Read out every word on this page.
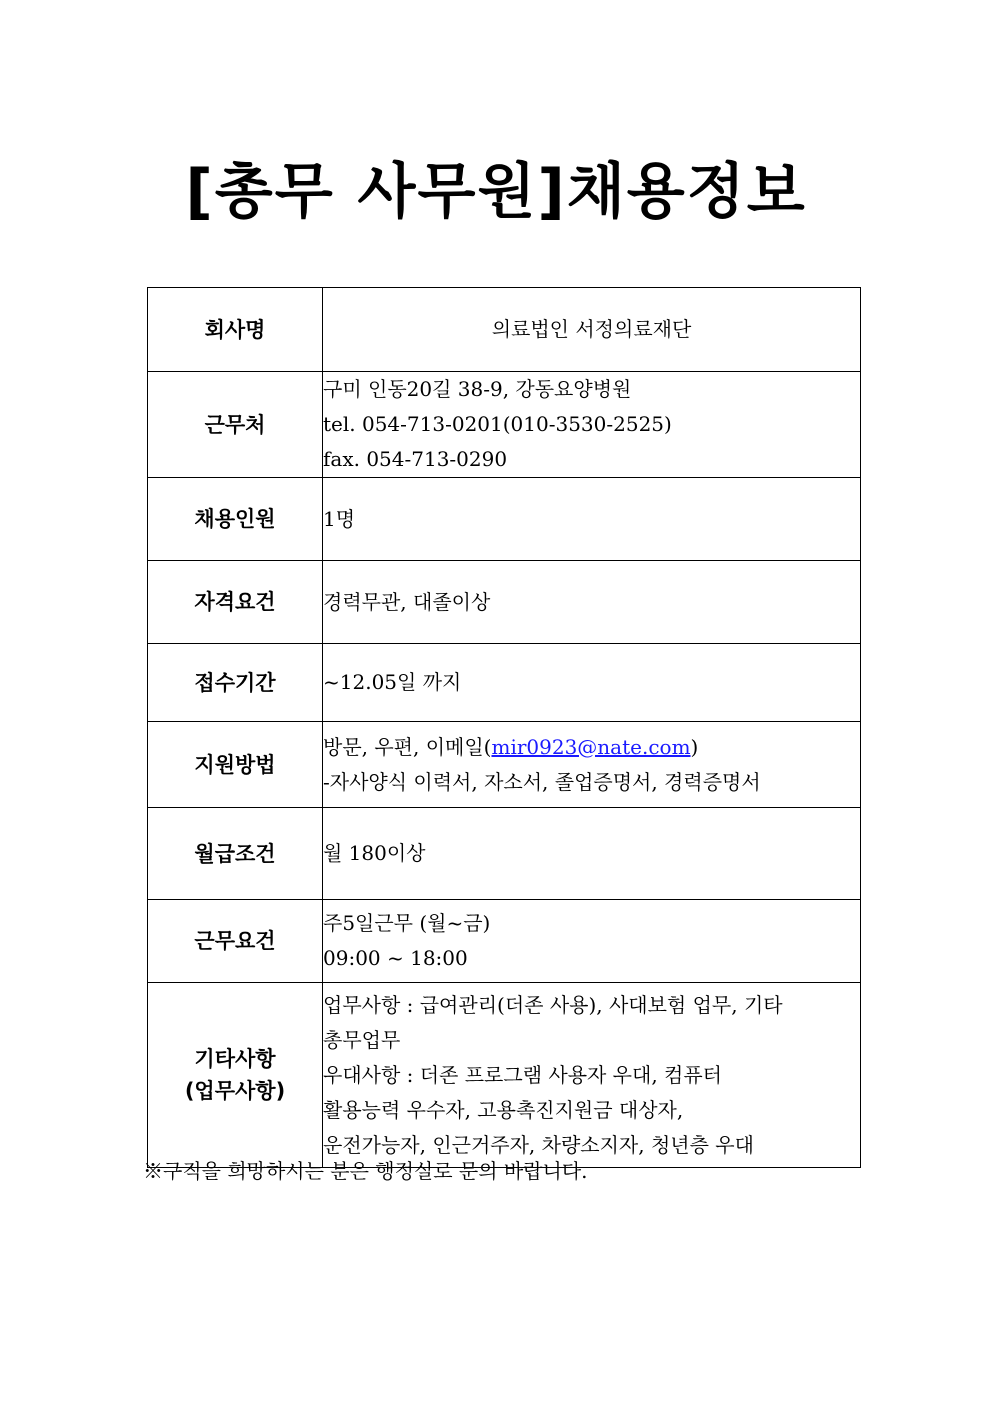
[총무 사무원]채용정보
회사명	의료법인 서정의료재단
근무처	구미 인동20길 38-9, 강동요양병원
tel. 054-713-0201(010-3530-2525)
fax. 054-713-0290

채용인원	1명
자격요건	경력무관, 대졸이상
접수기간	~12.05일 까지
지원방법	방문, 우편, 이메일(mir0923@nate.com)
-자사양식 이력서, 자소서, 졸업증명서, 경력증명서

월급조건	월 180이상
근무요건	주5일근무 (월~금)
09:00 ~ 18:00

기타사항
(업무사항)	업무사항 : 급여관리(더존 사용), 사대보험 업무, 기타
총무업무
우대사항 : 더존 프로그램 사용자 우대, 컴퓨터
활용능력 우수자, 고용촉진지원금 대상자,
운전가능자, 인근거주자, 차량소지자, 청년층 우대
※구직을 희망하시는 분은 행정실로 문의 바랍니다.
